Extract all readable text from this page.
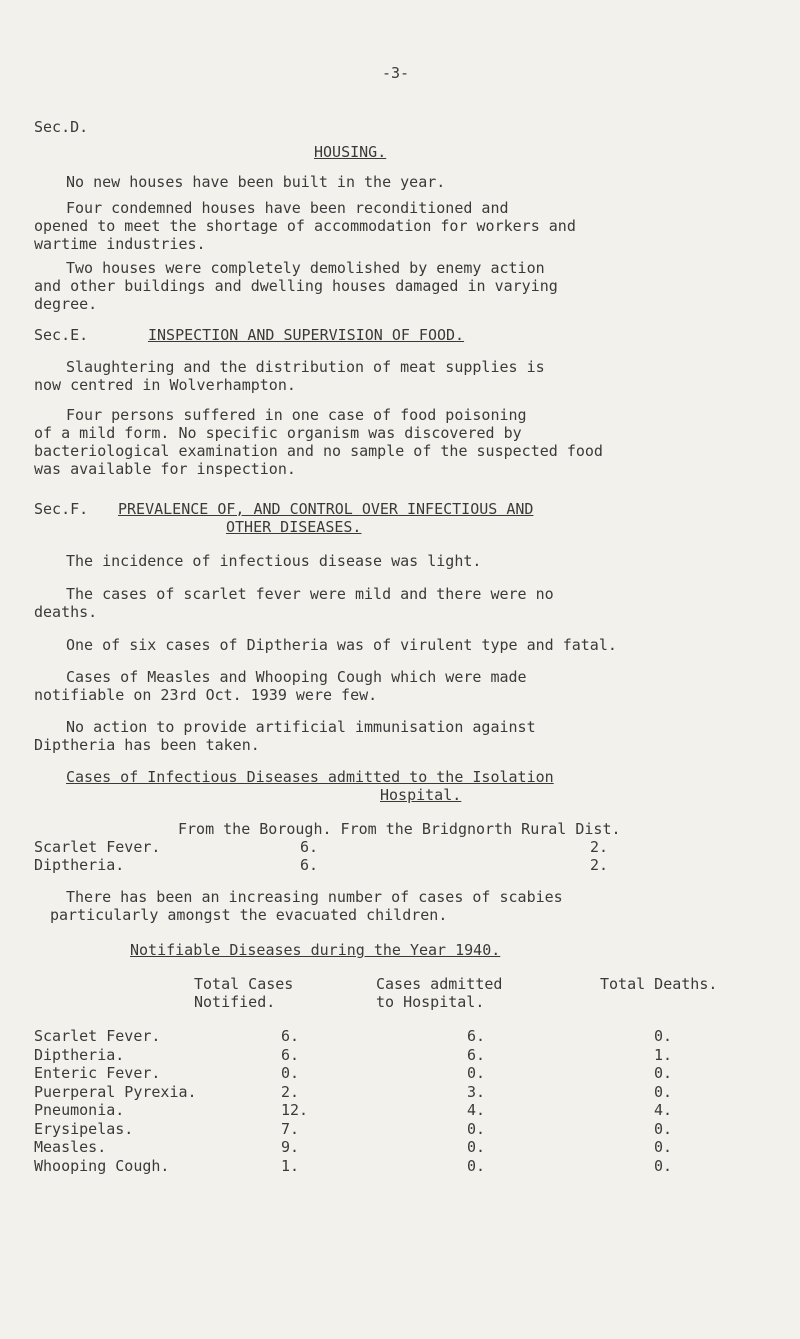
-3-
Sec.D.
HOUSING.
No new houses have been built in the year.
Four condemned houses have been reconditioned and
opened to meet the shortage of accommodation for workers and
wartime industries.
Two houses were completely demolished by enemy action
and other buildings and dwelling houses damaged in varying
degree.
Sec.E.	INSPECTION AND SUPERVISION OF FOOD.
Slaughtering and the distribution of meat supplies is
now centred in Wolverhampton.
Four persons suffered in one case of food poisoning
of a mild form. No specific organism was discovered by
bacteriological examination and no sample of the suspected food
was available for inspection.
Sec.F. PREVALENCE OF, AND CONTROL OVER INFECTIOUS AND
OTHER DISEASES.
The incidence of infectious disease was light.
The cases of scarlet fever were mild and there were no
deaths.
One of six cases of Diptheria was of virulent type and fatal.
Cases of Measles and Whooping Cough which were made
notifiable on 23rd Oct. 1939 were few.
No action to provide artificial immunisation against
Diptheria has been taken.
Cases of Infectious Diseases admitted to the Isolation
Hospital.
From the Borough. From the Bridgnorth Rural Dist.
Scarlet Fever.	6.	2.
Diptheria.	6.	2.
There has been an increasing number of cases of scabies
particularly amongst the evacuated children.
Notifiable Diseases during the Year 1940.
Total Cases
Notified.
Cases admitted
to Hospital.
Total Deaths.
Scarlet Fever.	6.	6.	0.
Diptheria.	6.	6.	1.
Enteric Fever.	0.	0.	0.
Puerperal Pyrexia.	2.	3.	0.
Pneumonia.	12.	4.	4.
Erysipelas.	7.	0.	0.
Measles.	9.	0.	0.
Whooping Cough.	1.	0.	0.
